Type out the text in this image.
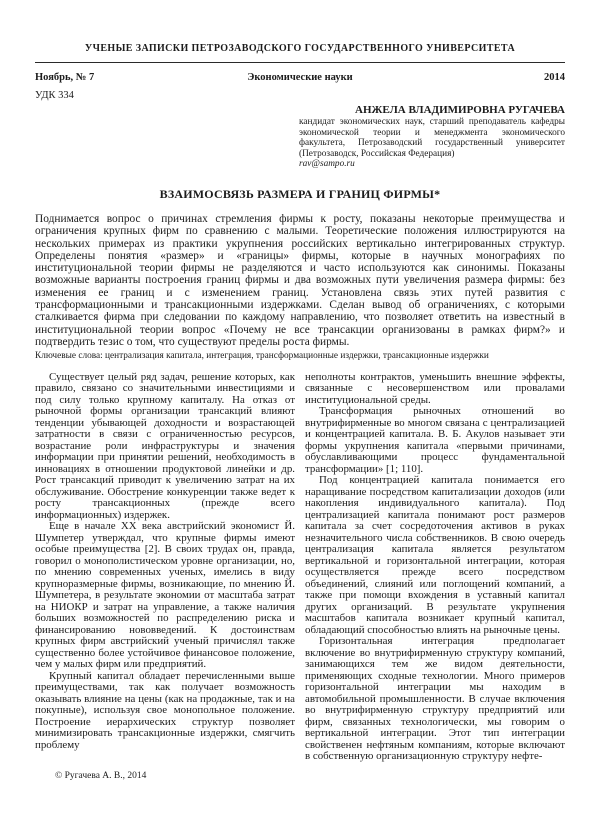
УЧЕНЫЕ ЗАПИСКИ ПЕТРОЗАВОДСКОГО ГОСУДАРСТВЕННОГО УНИВЕРСИТЕТА
Ноябрь, № 7	Экономические науки	2014
УДК 334
АНЖЕЛА ВЛАДИМИРОВНА РУГАЧЕВА
кандидат экономических наук, старший преподаватель кафедры экономической теории и менеджмента экономического факультета, Петрозаводский государственный университет (Петрозаводск, Российская Федерация)
rav@sampo.ru
ВЗАИМОСВЯЗЬ РАЗМЕРА И ГРАНИЦ ФИРМЫ*

Поднимается вопрос о причинах стремления фирмы к росту, показаны некоторые преимущества и ограничения крупных фирм по сравнению с малыми. Теоретические положения иллюстрируются на нескольких примерах из практики укрупнения российских вертикально интегрированных структур. Определены понятия «размер» и «границы» фирмы, которые в научных монографиях по институциональной теории фирмы не разделяются и часто используются как синонимы. Показаны возможные варианты построения границ фирмы и два возможных пути увеличения размера фирмы: без изменения ее границ и с изменением границ. Установлена связь этих путей развития с трансформационными и трансакционными издержками. Сделан вывод об ограничениях, с которыми сталкивается фирма при следовании по каждому направлению, что позволяет ответить на известный в институциональной теории вопрос «Почему не все трансакции организованы в рамках фирм?» и подтвердить тезис о том, что существуют пределы роста фирмы.

Ключевые слова: централизация капитала, интеграция, трансформационные издержки, трансакционные издержки

Существует целый ряд задач, решение которых, как правило, связано со значительными инвестициями и под силу только крупному капиталу. На отказ от рыночной формы организации трансакций влияют тенденции убывающей доходности и возрастающей затратности в связи с ограниченностью ресурсов, возрастание роли инфраструктуры и значения информации при принятии решений, необходимость в инновациях в отношении продуктовой линейки и др. Рост трансакций приводит к увеличению затрат на их обслуживание. Обострение конкуренции также ведет к росту трансакционных (прежде всего информационных) издержек.

Еще в начале XX века австрийский экономист Й. Шумпетер утверждал, что крупные фирмы имеют особые преимущества [2]. В своих трудах он, правда, говорил о монополистическом уровне организации, но, по мнению современных ученых, имелись в виду крупноразмерные фирмы, возникающие, по мнению Й. Шумпетера, в результате экономии от масштаба затрат на НИОКР и затрат на управление, а также наличия больших возможностей по распределению риска и финансированию нововведений. К достоинствам крупных фирм австрийский ученый причислял также существенно более устойчивое финансовое положение, чем у малых фирм или предприятий.

Крупный капитал обладает перечисленными выше преимуществами, так как получает возможность оказывать влияние на цены (как на продажные, так и на покупные), используя свое монопольное положение. Построение иерархических структур позволяет минимизировать трансакционные издержки, смягчить проблему

неполноты контрактов, уменьшить внешние эффекты, связанные с несовершенством или провалами институциональной среды.

Трансформация рыночных отношений во внутрифирменные во многом связана с централизацией и концентрацией капитала. В. Б. Акулов называет эти формы укрупнения капитала «первыми причинами, обуславливающими процесс фундаментальной трансформации» [1; 110].

Под концентрацией капитала понимается его наращивание посредством капитализации доходов (или накопления индивидуального капитала). Под централизацией капитала понимают рост размеров капитала за счет сосредоточения активов в руках незначительного числа собственников. В свою очередь централизация капитала является результатом вертикальной и горизонтальной интеграции, которая осуществляется прежде всего посредством объединений, слияний или поглощений компаний, а также при помощи вхождения в уставный капитал других организаций. В результате укрупнения масштабов капитала возникает крупный капитал, обладающий способностью влиять на рыночные цены.

Горизонтальная интеграция предполагает включение во внутрифирменную структуру компаний, занимающихся тем же видом деятельности, применяющих сходные технологии. Много примеров горизонтальной интеграции мы находим в автомобильной промышленности. В случае включения во внутрифирменную структуру предприятий или фирм, связанных технологически, мы говорим о вертикальной интеграции. Этот тип интеграции свойственен нефтяным компаниям, которые включают в собственную организационную структуру нефте-

© Ругачева А. В., 2014
